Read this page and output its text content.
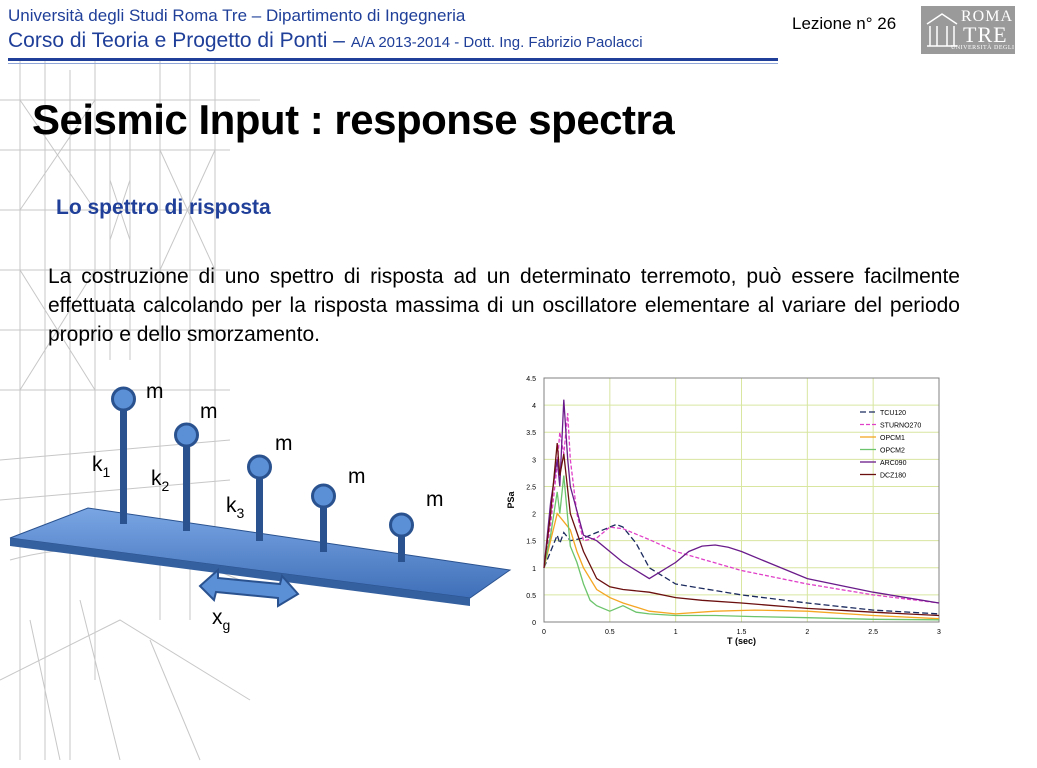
Università degli Studi Roma Tre – Dipartimento di Ingegneria
Corso di Teoria e Progetto di Ponti – A/A 2013-2014 - Dott. Ing. Fabrizio Paolacci
Lezione n° 26	ROMA
TRE
UNIVERSITÀ DEGLI STUDI
Seismic Input : response spectra
Lo spettro di risposta
La costruzione di uno spettro di risposta ad un determinato terremoto, può essere facilmente effettuata calcolando per la risposta massima di un oscillatore elementare al variare del periodo proprio e dello smorzamento.
m
m
m
m
m
$k_1$ $k_2$
$k_3$
$x_g$	0
0.5
1
1.5
2
2.5
3
3.5
4
4.5
0	0.5	1	1.5	2	2.5	3
T (sec)
PSa
TCU120
STURNO270
OPCM1
OPCM2
ARC090
DCZ180
